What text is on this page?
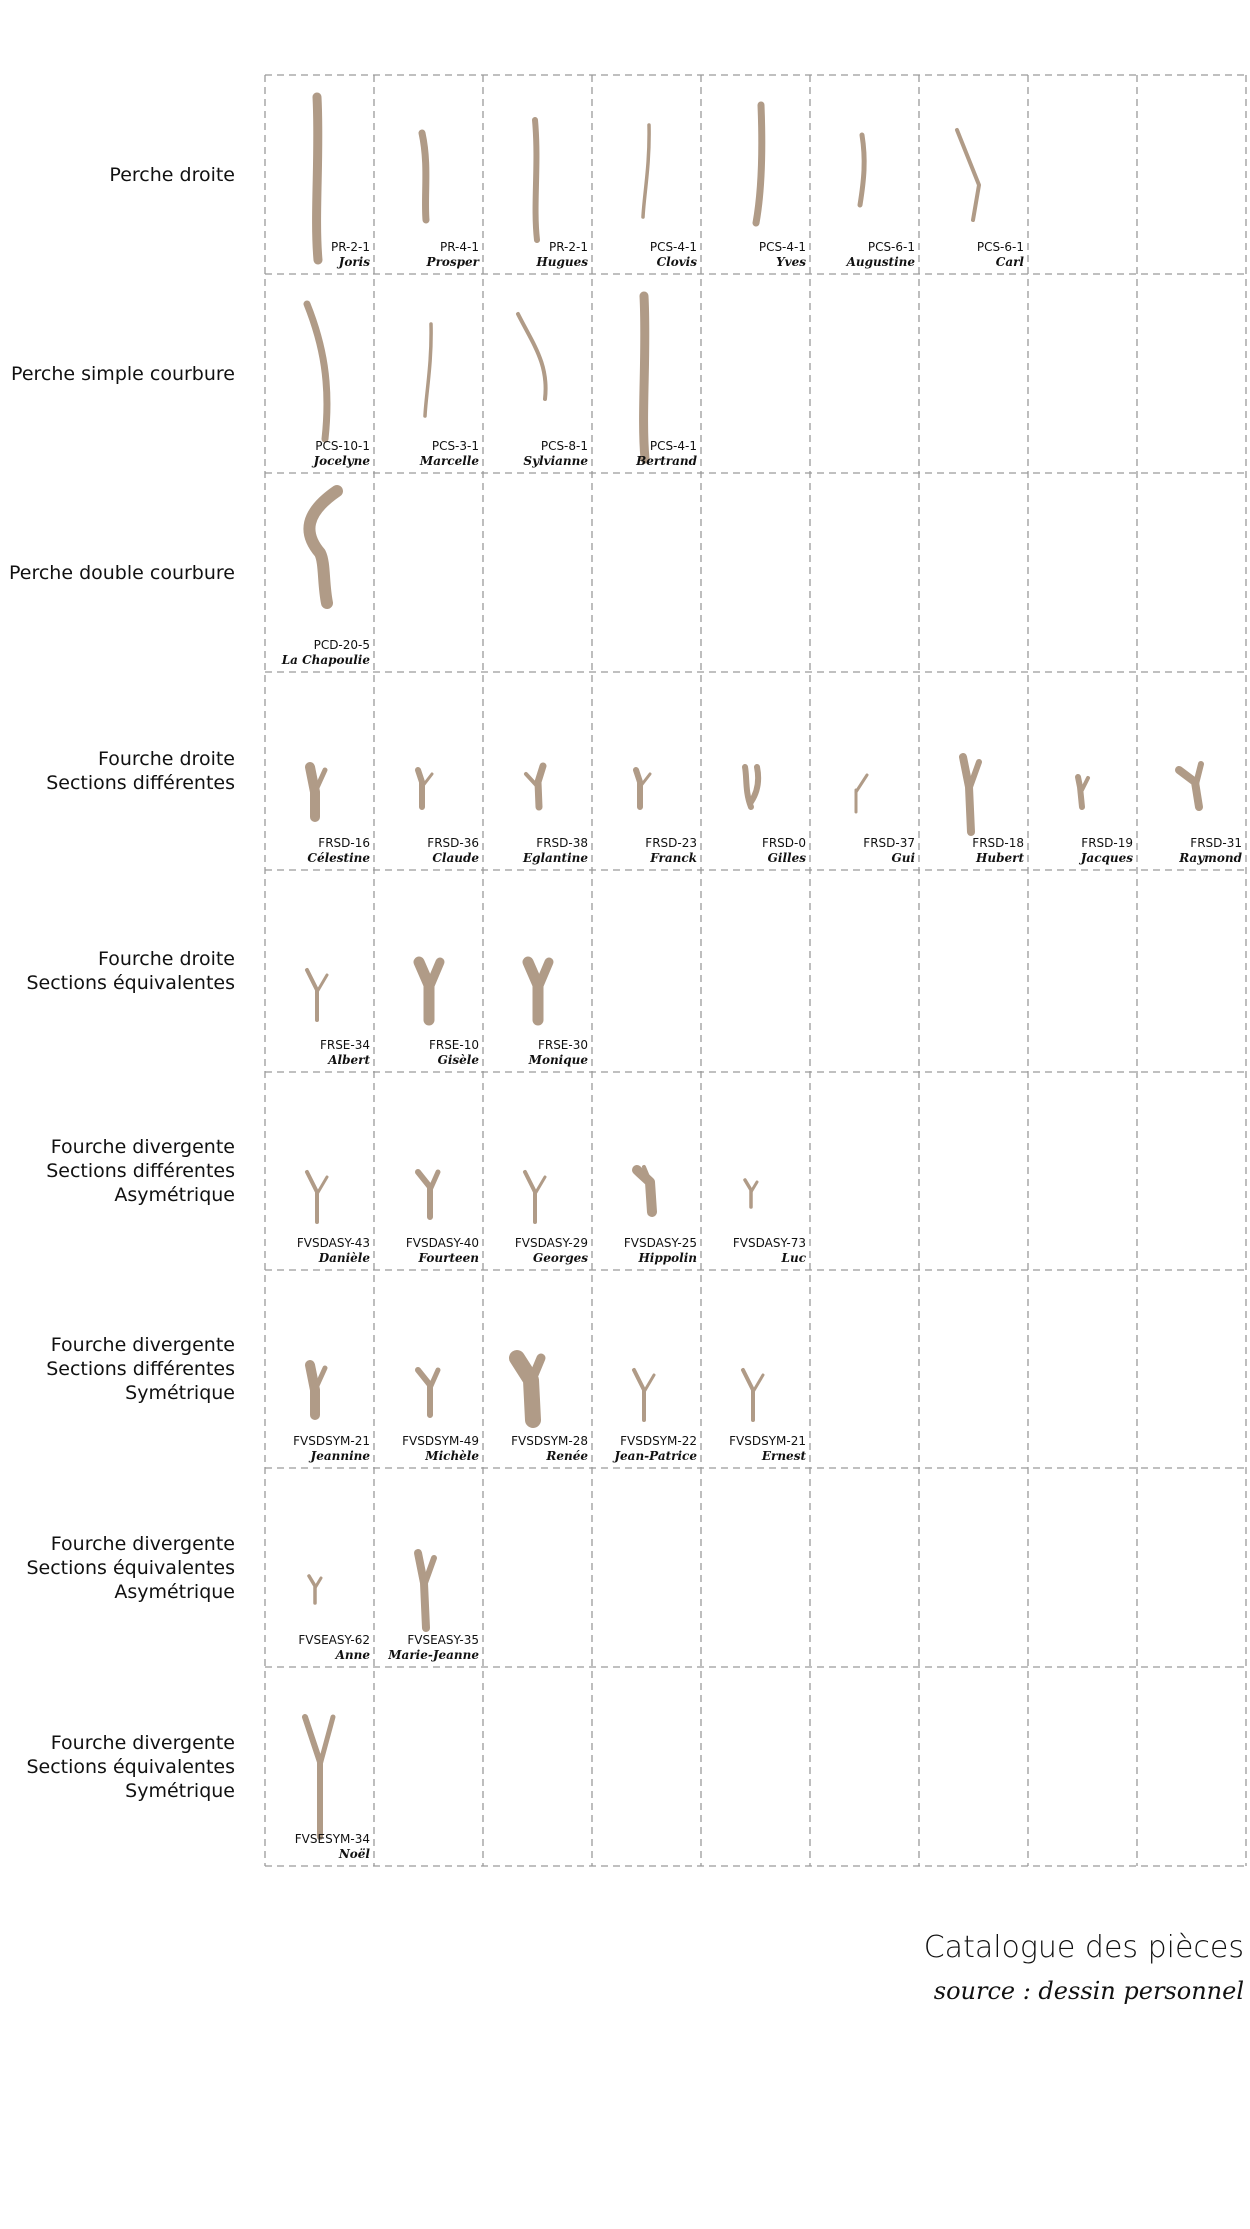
Perche droite
PR-2-1
Joris
PR-4-1
Prosper
PR-2-1
Hugues
PCS-4-1
Clovis
PCS-4-1
Yves
PCS-6-1
Augustine
PCS-6-1
Carl
Perche simple courbure
PCS-10-1
Jocelyne
PCS-3-1
Marcelle
PCS-8-1
Sylvianne
PCS-4-1
Bertrand
Perche double courbure
PCD-20-5
La Chapoulie
Fourche droite
Sections différentes
FRSD-16
Célestine
FRSD-36
Claude
FRSD-38
Eglantine
FRSD-23
Franck
FRSD-0
Gilles
FRSD-37
Gui
FRSD-18
Hubert
FRSD-19
Jacques
FRSD-31
Raymond
Fourche droite
Sections équivalentes
FRSE-34
Albert
FRSE-10
Gisèle
FRSE-30
Monique
Fourche divergente
Sections différentes
Asymétrique
FVSDASY-43
Danièle
FVSDASY-40
Fourteen
FVSDASY-29
Georges
FVSDASY-25
Hippolin
FVSDASY-73
Luc
Fourche divergente
Sections différentes
Symétrique
FVSDSYM-21
Jeannine
FVSDSYM-49
Michèle
FVSDSYM-28
Renée
FVSDSYM-22
Jean-Patrice
FVSDSYM-21
Ernest
Fourche divergente
Sections équivalentes
Asymétrique
FVSEASY-62
Anne
FVSEASY-35
Marie-Jeanne
Fourche divergente
Sections équivalentes
Symétrique
FVSESYM-34
Noël
Catalogue des pièces
source : dessin personnel
